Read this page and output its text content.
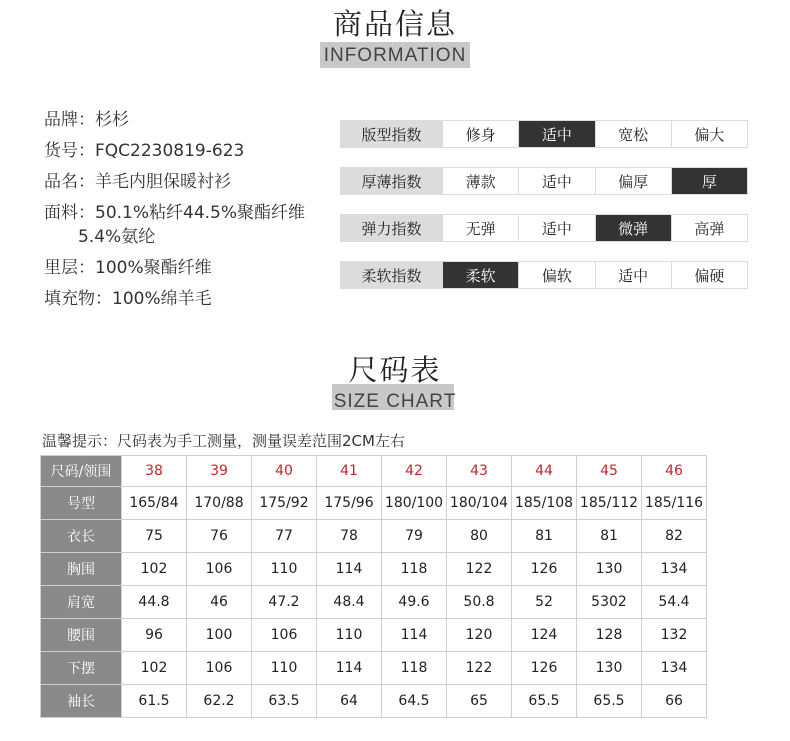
商品信息
INFORMATION
品牌：杉杉
货号：FQC2230819-623
品名：羊毛内胆保暖衬衫
面料：50.1%粘纤44.5%聚酯纤维
5.4%氨纶
里层：100%聚酯纤维
填充物：100%绵羊毛
版型指数	修身	适中	宽松	偏大
厚薄指数	薄款	适中	偏厚	厚
弹力指数	无弹	适中	微弹	高弹
柔软指数	柔软	偏软	适中	偏硬
尺码表
SIZE CHART
温馨提示：尺码表为手工测量，测量误差范围2CM左右
尺码/领围	38	39	40	41	42	43	44	45	46
号型	165/84	170/88	175/92	175/96	180/100	180/104	185/108	185/112	185/116
衣长	75	76	77	78	79	80	81	81	82
胸围	102	106	110	114	118	122	126	130	134
肩宽	44.8	46	47.2	48.4	49.6	50.8	52	5302	54.4
腰围	96	100	106	110	114	120	124	128	132
下摆	102	106	110	114	118	122	126	130	134
袖长	61.5	62.2	63.5	64	64.5	65	65.5	65.5	66
